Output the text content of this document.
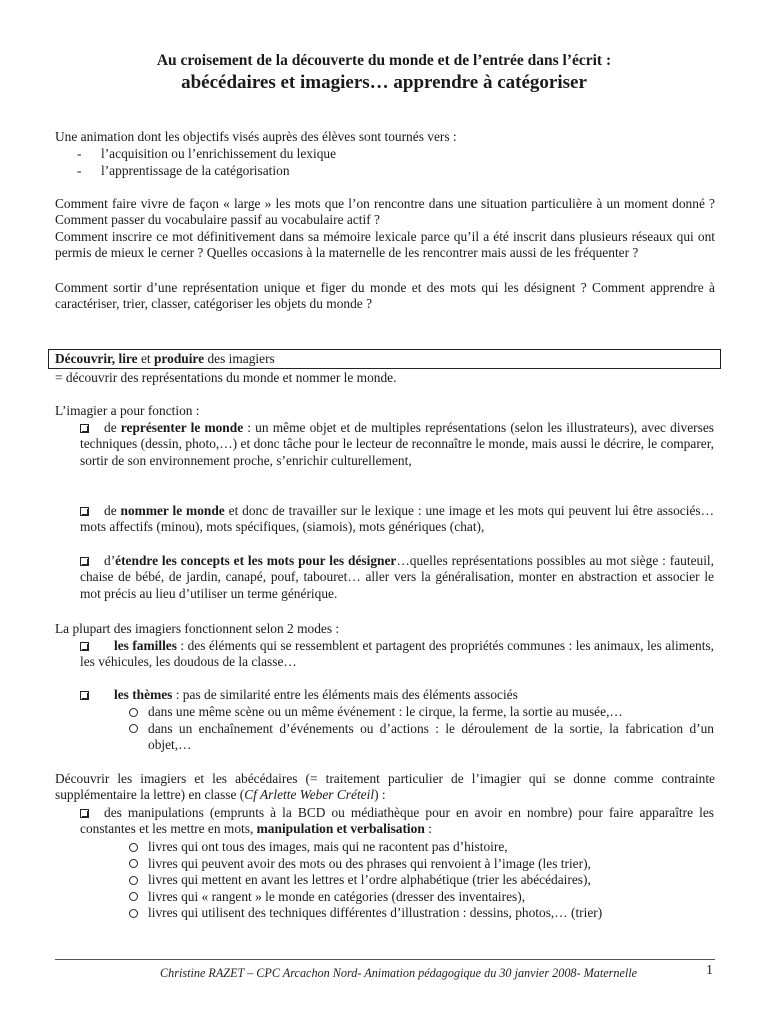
Au croisement de la découverte du monde et de l’entrée dans l’écrit :
abécédaires et imagiers… apprendre à catégoriser
Une animation dont les objectifs visés auprès des élèves sont tournés vers :
- l’acquisition ou l’enrichissement du lexique
- l’apprentissage de la catégorisation
Comment faire vivre de façon « large » les mots que l’on rencontre dans une situation particulière à un moment donné ? Comment passer du vocabulaire passif au vocabulaire actif ?
Comment inscrire ce mot définitivement dans sa mémoire lexicale parce qu’il a été inscrit dans plusieurs réseaux qui ont permis de mieux le cerner ? Quelles occasions à la maternelle de les rencontrer mais aussi de les fréquenter ?
Comment sortir d’une représentation unique et figer du monde et des mots qui les désignent ? Comment apprendre à caractériser, trier, classer, catégoriser les objets du monde ?
Découvrir, lire et produire des imagiers
= découvrir des représentations du monde et nommer le monde.
L’imagier a pour fonction :
de représenter le monde : un même objet et de multiples représentations (selon les illustrateurs), avec diverses techniques (dessin, photo,…) et donc tâche pour le lecteur de reconnaître le monde, mais aussi le décrire, le comparer, sortir de son environnement proche, s’enrichir culturellement,
de nommer le monde et donc de travailler sur le lexique : une image et les mots qui peuvent lui être associés… mots affectifs (minou), mots spécifiques, (siamois), mots génériques (chat),
d’étendre les concepts et les mots pour les désigner…quelles représentations possibles au mot siège : fauteuil, chaise de bébé, de jardin, canapé, pouf, tabouret… aller vers la généralisation, monter en abstraction et associer le mot précis au lieu d’utiliser un terme générique.
La plupart des imagiers fonctionnent selon 2 modes :
les familles : des éléments qui se ressemblent et partagent des propriétés communes : les animaux, les aliments, les véhicules, les doudous de la classe…
les thèmes : pas de similarité entre les éléments mais des éléments associés
dans une même scène ou un même événement : le cirque, la ferme, la sortie au musée,…
dans un enchaînement d’événements ou d’actions : le déroulement de la sortie, la fabrication d’un objet,…
Découvrir les imagiers et les abécédaires (= traitement particulier de l’imagier qui se donne comme contrainte supplémentaire la lettre) en classe (Cf Arlette Weber Créteil) :
des manipulations (emprunts à la BCD ou médiathèque pour en avoir en nombre) pour faire apparaître les constantes et les mettre en mots, manipulation et verbalisation :
livres qui ont tous des images, mais qui ne racontent pas d’histoire,
livres qui peuvent avoir des mots ou des phrases qui renvoient à l’image (les trier),
livres qui mettent en avant les lettres et l’ordre alphabétique (trier les abécédaires),
livres qui « rangent » le monde en catégories (dresser des inventaires),
livres qui utilisent des techniques différentes d’illustration : dessins, photos,… (trier)
Christine RAZET – CPC Arcachon Nord- Animation pédagogique du 30 janvier 2008- Maternelle	1
